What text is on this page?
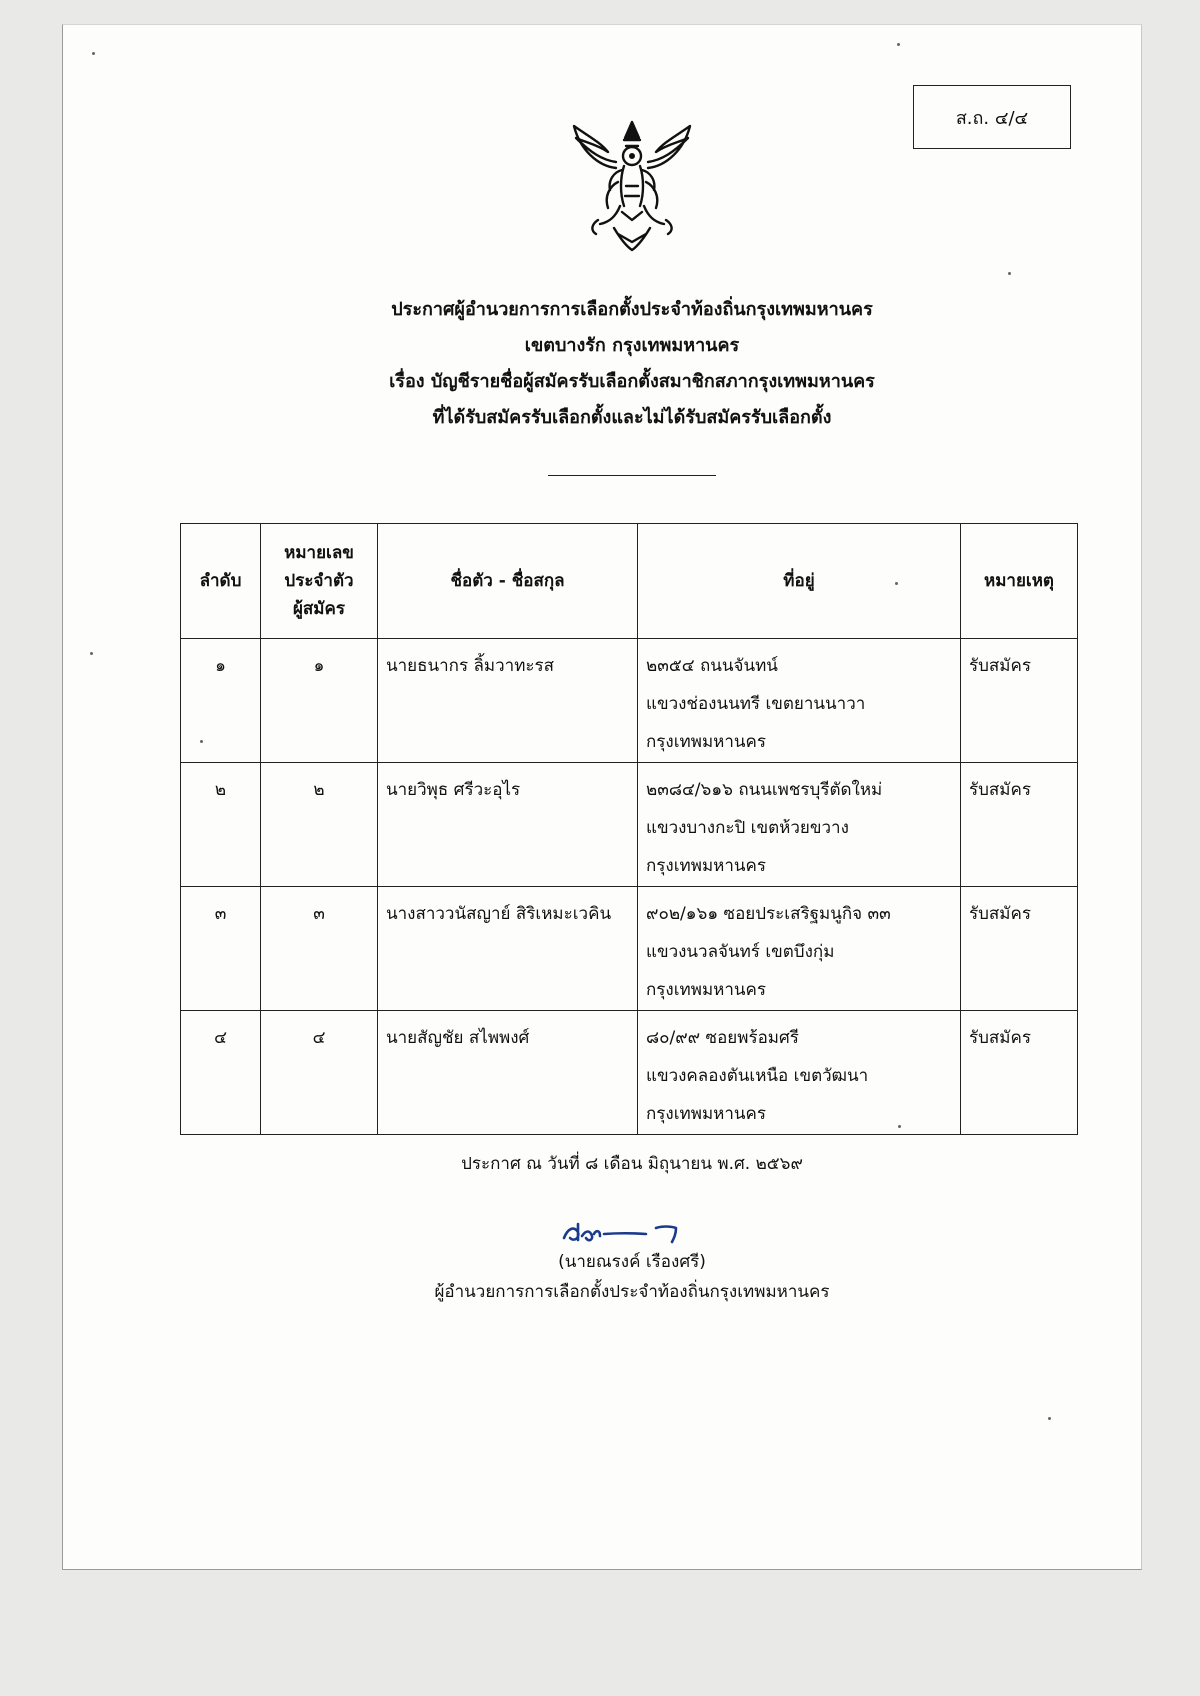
ส.ถ. ๔/๔
ประกาศผู้อำนวยการการเลือกตั้งประจำท้องถิ่นกรุงเทพมหานคร
เขตบางรัก กรุงเทพมหานคร
เรื่อง บัญชีรายชื่อผู้สมัครรับเลือกตั้งสมาชิกสภากรุงเทพมหานคร
ที่ได้รับสมัครรับเลือกตั้งและไม่ได้รับสมัครรับเลือกตั้ง
ลำดับ	หมายเลข
ประจำตัว
ผู้สมัคร	ชื่อตัว - ชื่อสกุล	ที่อยู่	หมายเหตุ
๑	๑	นายธนากร ลิ้มวาทะรส	๒๓๕๔ ถนนจันทน์
แขวงช่องนนทรี เขตยานนาวา
กรุงเทพมหานคร	รับสมัคร
๒	๒	นายวิพุธ ศรีวะอุไร	๒๓๘๔/๖๑๖ ถนนเพชรบุรีตัดใหม่
แขวงบางกะปิ เขตห้วยขวาง
กรุงเทพมหานคร	รับสมัคร
๓	๓	นางสาววนัสญาย์ สิริเหมะเวคิน	๙๐๒/๑๖๑ ซอยประเสริฐมนูกิจ ๓๓
แขวงนวลจันทร์ เขตบึงกุ่ม
กรุงเทพมหานคร	รับสมัคร
๔	๔	นายสัญชัย สไพพงศ์	๘๐/๙๙ ซอยพร้อมศรี
แขวงคลองตันเหนือ เขตวัฒนา
กรุงเทพมหานคร	รับสมัคร
ประกาศ ณ วันที่ ๘ เดือน มิถุนายน พ.ศ. ๒๕๖๙
(นายณรงค์ เรืองศรี)
ผู้อำนวยการการเลือกตั้งประจำท้องถิ่นกรุงเทพมหานคร
